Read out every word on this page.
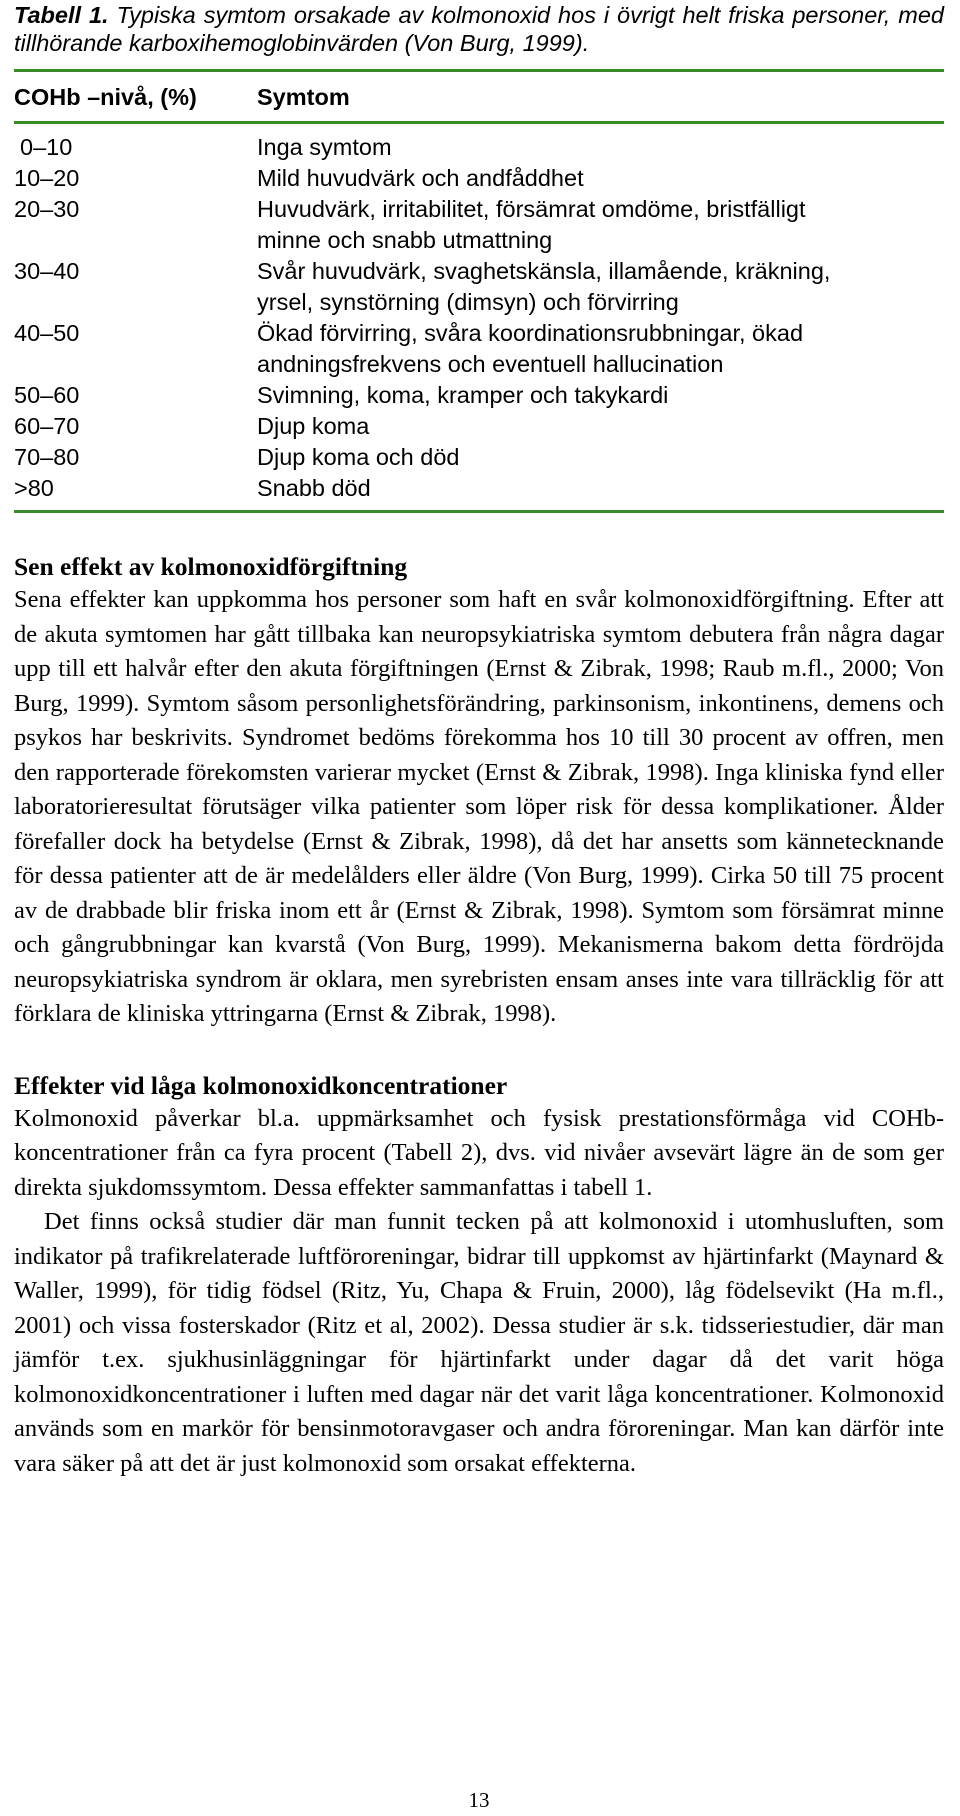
Tabell 1. Typiska symtom orsakade av kolmonoxid hos i övrigt helt friska personer, med tillhörande karboxihemoglobinvärden (Von Burg, 1999).
COHb –nivå, (%)	Symtom
0–10	Inga symtom
10–20	Mild huvudvärk och andfåddhet
20–30	Huvudvärk, irritabilitet, försämrat omdöme, bristfälligt
minne och snabb utmattning
30–40	Svår huvudvärk, svaghetskänsla, illamående, kräkning,
yrsel, synstörning (dimsyn) och förvirring
40–50	Ökad förvirring, svåra koordinationsrubbningar, ökad
andningsfrekvens och eventuell hallucination
50–60	Svimning, koma, kramper och takykardi
60–70	Djup koma
70–80	Djup koma och död
>80	Snabb död
Sen effekt av kolmonoxidförgiftning

Sena effekter kan uppkomma hos personer som haft en svår kolmonoxidförgiftning. Efter att de akuta symtomen har gått tillbaka kan neuropsykiatriska symtom debutera från några dagar upp till ett halvår efter den akuta förgiftningen (Ernst & Zibrak, 1998; Raub m.fl., 2000; Von Burg, 1999). Symtom såsom personlighetsförändring, parkinsonism, inkontinens, demens och psykos har beskrivits. Syndromet bedöms förekomma hos 10 till 30 procent av offren, men den rapporterade förekomsten varierar mycket (Ernst & Zibrak, 1998). Inga kliniska fynd eller laboratorieresultat förutsäger vilka patienter som löper risk för dessa komplikationer. Ålder förefaller dock ha betydelse (Ernst & Zibrak, 1998), då det har ansetts som kännetecknande för dessa patienter att de är medelålders eller äldre (Von Burg, 1999). Cirka 50 till 75 procent av de drabbade blir friska inom ett år (Ernst & Zibrak, 1998). Symtom som försämrat minne och gångrubbningar kan kvarstå (Von Burg, 1999). Mekanismerna bakom detta fördröjda neuropsykiatriska syndrom är oklara, men syrebristen ensam anses inte vara tillräcklig för att förklara de kliniska yttringarna (Ernst & Zibrak, 1998).

Effekter vid låga kolmonoxidkoncentrationer

Kolmonoxid påverkar bl.a. uppmärksamhet och fysisk prestationsförmåga vid COHb-koncentrationer från ca fyra procent (Tabell 2), dvs. vid nivåer avsevärt lägre än de som ger direkta sjukdomssymtom. Dessa effekter sammanfattas i tabell 1.

Det finns också studier där man funnit tecken på att kolmonoxid i utomhusluften, som indikator på trafikrelaterade luftföroreningar, bidrar till uppkomst av hjärtinfarkt (Maynard & Waller, 1999), för tidig födsel (Ritz, Yu, Chapa & Fruin, 2000), låg födelsevikt (Ha m.fl., 2001) och vissa fosterskador (Ritz et al, 2002). Dessa studier är s.k. tidsseriestudier, där man jämför t.ex. sjukhusinläggningar för hjärtinfarkt under dagar då det varit höga kolmonoxidkoncentrationer i luften med dagar när det varit låga koncentrationer. Kolmonoxid används som en markör för bensinmotoravgaser och andra föroreningar. Man kan därför inte vara säker på att det är just kolmonoxid som orsakat effekterna.

13
